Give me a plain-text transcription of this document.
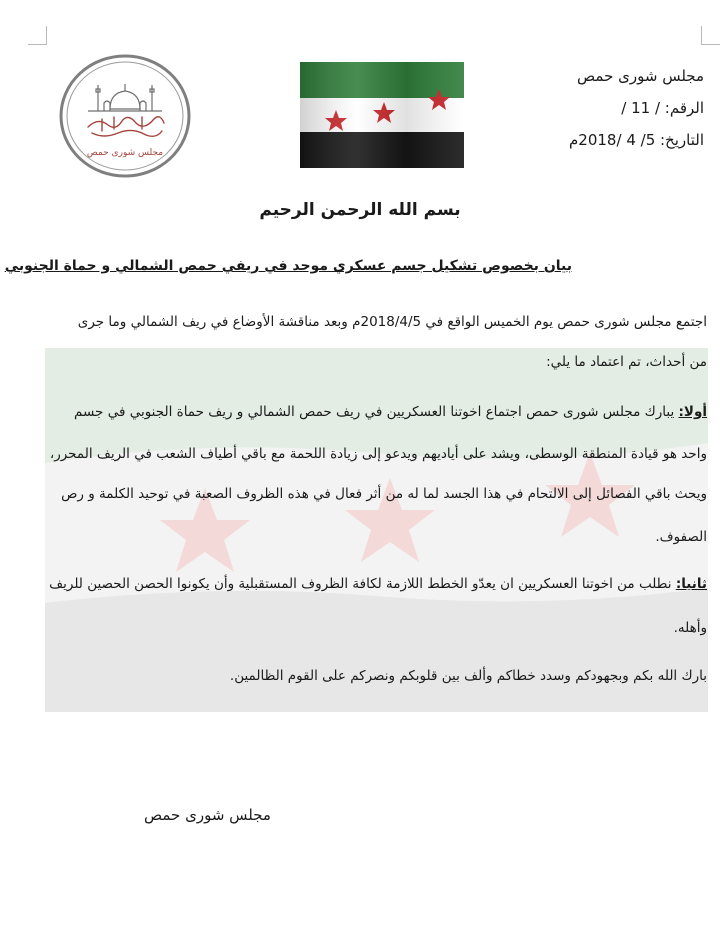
مجلس شورى حمص
الرقم: / 11 /
التاريخ: 5/ 4 /2018م
مجلس شورى حمص
بسم الله الرحمن الرحيم
بيان بخصوص تشكيل جسم عسكري موحد في ريفي حمص الشمالي و حماة الجنوبي
اجتمع مجلس شورى حمص يوم الخميس الواقع في 2018/4/5م وبعد مناقشة الأوضاع في ريف الشمالي وما جرى
من أحداث، تم اعتماد ما يلي:
أولا: يبارك مجلس شورى حمص اجتماع اخوتنا العسكريين في ريف حمص الشمالي و ريف حماة الجنوبي في جسم
واحد هو قيادة المنطقة الوسطى، ويشد على أياديهم ويدعو إلى زيادة اللحمة مع باقي أطياف الشعب في الريف المحرر،
ويحث باقي الفصائل إلى الالتحام في هذا الجسد لما له من أثر فعال في هذه الظروف الصعبة في توحيد الكلمة و رص
الصفوف.
ثانيا: نطلب من اخوتنا العسكريين ان يعدّو الخطط اللازمة لكافة الظروف المستقبلية وأن يكونوا الحصن الحصين للريف
وأهله.
بارك الله بكم وبجهودكم وسدد خطاكم وألف بين قلوبكم ونصركم على القوم الظالمين.
مجلس شورى حمص
